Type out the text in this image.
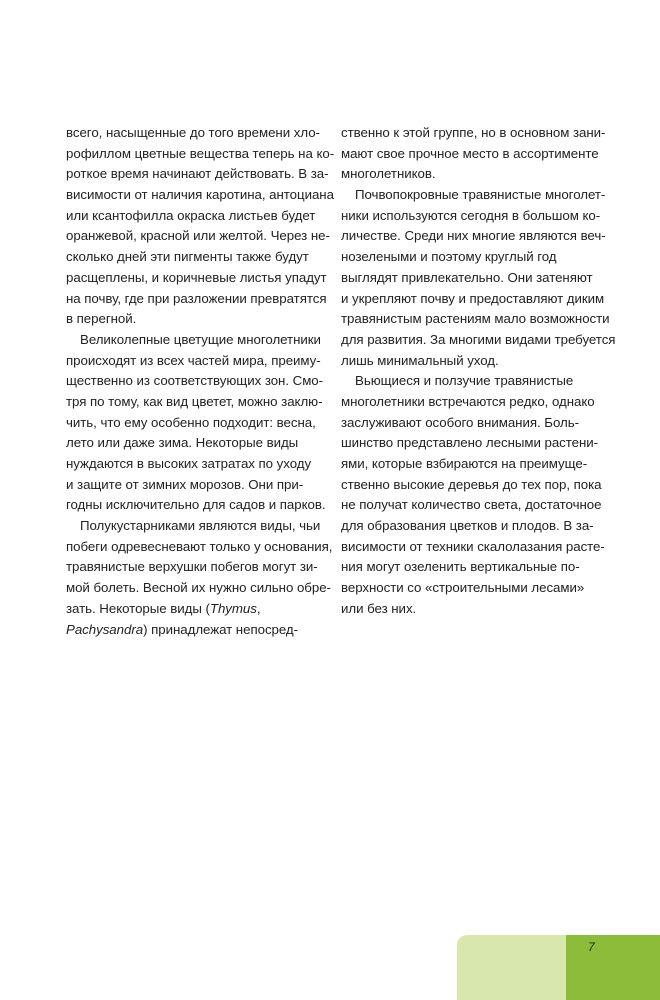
всего, насыщенные до того времени хло-
рофиллом цветные вещества теперь на ко-
роткое время начинают действовать. В за-
висимости от наличия каротина, антоциана
или ксантофилла окраска листьев будет
оранжевой, красной или желтой. Через не-
сколько дней эти пигменты также будут
расщеплены, и коричневые листья упадут
на почву, где при разложении превратятся
в перегной.
Великолепные цветущие многолетники
происходят из всех частей мира, преиму-
щественно из соответствующих зон. Смо-
тря по тому, как вид цветет, можно заклю-
чить, что ему особенно подходит: весна,
лето или даже зима. Некоторые виды
нуждаются в высоких затратах по уходу
и защите от зимних морозов. Они при-
годны исключительно для садов и парков.
Полукустарниками являются виды, чьи
побеги одревесневают только у основания,
травянистые верхушки побегов могут зи-
мой болеть. Весной их нужно сильно обре-
зать. Некоторые виды (Thymus,
Pachysandra) принадлежат непосред-
ственно к этой группе, но в основном зани-
мают свое прочное место в ассортименте
многолетников.
Почвопокровные травянистые многолет-
ники используются сегодня в большом ко-
личестве. Среди них многие являются веч-
нозелеными и поэтому круглый год
выглядят привлекательно. Они затеняют
и укрепляют почву и предоставляют диким
травянистым растениям мало возможности
для развития. За многими видами требуется
лишь минимальный уход.
Вьющиеся и ползучие травянистые
многолетники встречаются редко, однако
заслуживают особого внимания. Боль-
шинство представлено лесными растени-
ями, которые взбираются на преимуще-
ственно высокие деревья до тех пор, пока
не получат количество света, достаточное
для образования цветков и плодов. В за-
висимости от техники скалолазания расте-
ния могут озеленить вертикальные по-
верхности со «строительными лесами»
или без них.
7
